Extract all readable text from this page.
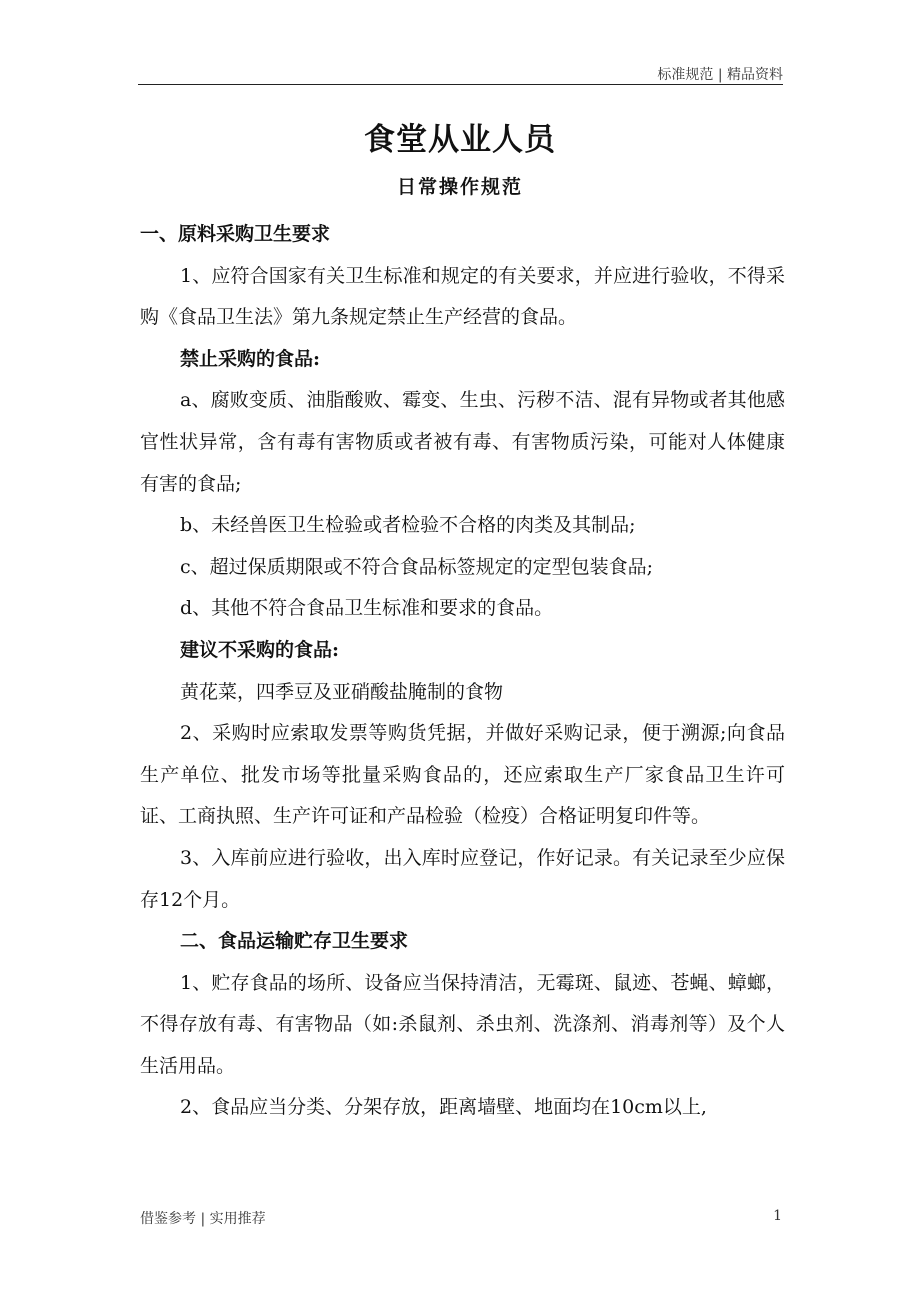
标准规范 | 精品资料
食堂从业人员
日常操作规范

一、原料采购卫生要求

1、应符合国家有关卫生标准和规定的有关要求，并应进行验收，不得采购《食品卫生法》第九条规定禁止生产经营的食品。

禁止采购的食品:

a、腐败变质、油脂酸败、霉变、生虫、污秽不洁、混有异物或者其他感官性状异常，含有毒有害物质或者被有毒、有害物质污染，可能对人体健康有害的食品;

b、未经兽医卫生检验或者检验不合格的肉类及其制品;

c、超过保质期限或不符合食品标签规定的定型包装食品;

d、其他不符合食品卫生标准和要求的食品。

建议不采购的食品:

黄花菜，四季豆及亚硝酸盐腌制的食物

2、采购时应索取发票等购货凭据，并做好采购记录，便于溯源;向食品生产单位、批发市场等批量采购食品的，还应索取生产厂家食品卫生许可证、工商执照、生产许可证和产品检验（检疫）合格证明复印件等。

3、入库前应进行验收，出入库时应登记，作好记录。有关记录至少应保存12个月。

二、食品运输贮存卫生要求

1、贮存食品的场所、设备应当保持清洁，无霉斑、鼠迹、苍蝇、蟑螂，不得存放有毒、有害物品（如:杀鼠剂、杀虫剂、洗涤剂、消毒剂等）及个人生活用品。

2、食品应当分类、分架存放，距离墙壁、地面均在10cm以上,

借鉴参考 | 实用推荐	1
